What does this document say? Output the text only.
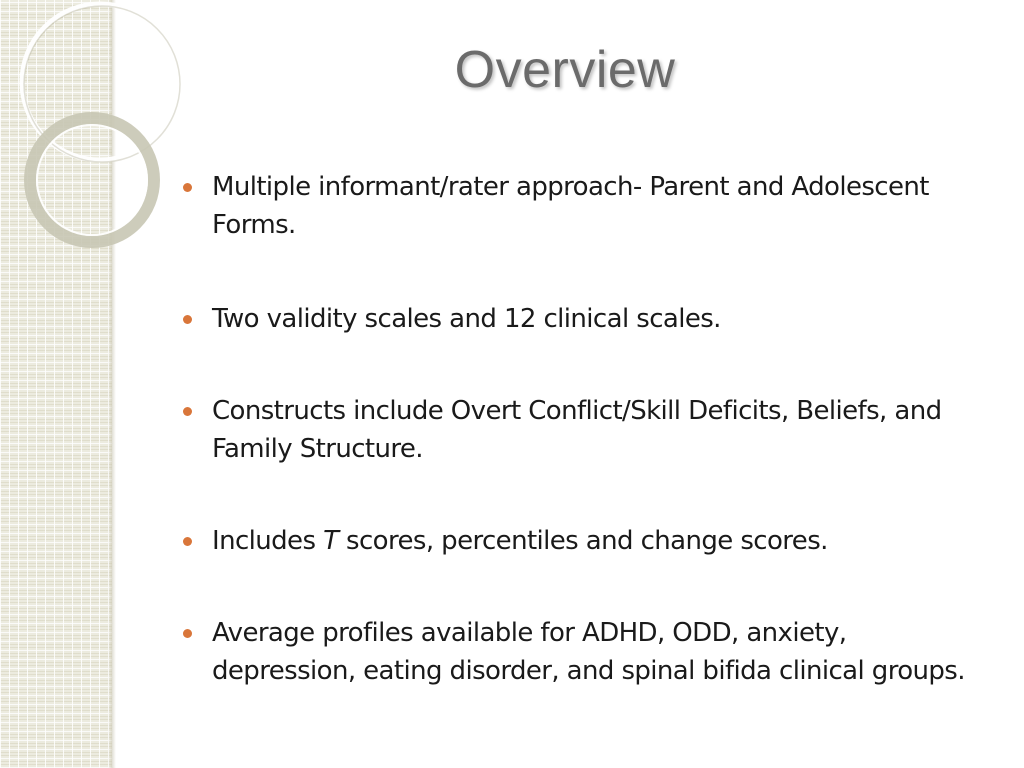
Overview
Multiple informant/rater approach- Parent and Adolescent Forms.
Two validity scales and 12 clinical scales.
Constructs include Overt Conflict/Skill Deficits, Beliefs, and Family Structure.
Includes T scores, percentiles and change scores.
Average profiles available for ADHD, ODD, anxiety, depression, eating disorder, and spinal bifida clinical groups.
